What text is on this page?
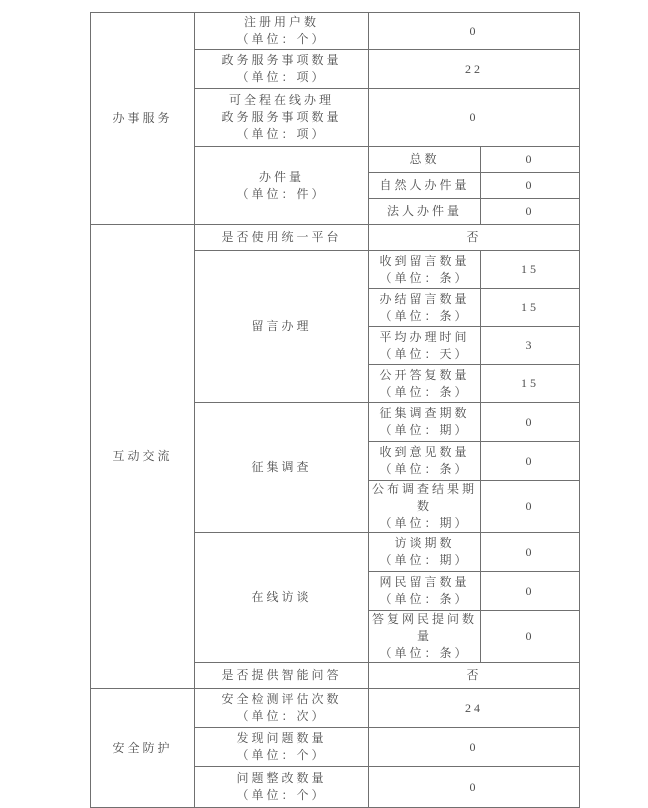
办事服务	注册用户数
（单位：个）	0	

	政务服务事项数量
（单位：项）	22	

	可全程在线办理
政务服务事项数量
（单位：项）	0	

	办件量
（单位：件）	总数	0
		自然人办件量	0
		法人办件量	0

互动交流	是否使用统一平台	否	

	留言办理	收到留言数量
（单位：条）	15

		办结留言数量
（单位：条）	15

		平均办理时间
（单位：天）	3

		公开答复数量
（单位：条）	15

	征集调查	征集调查期数
（单位：期）	0

		收到意见数量
（单位：条）	0

		公布调查结果期数
（单位：期）	0

	在线访谈	访谈期数
（单位：期）	0

		网民留言数量
（单位：条）	0

		答复网民提问数量
（单位：条）	0

	是否提供智能问答	否	

安全防护	安全检测评估次数
（单位：次）	24	

	发现问题数量
（单位：个）	0	

	问题整改数量
（单位：个）	0	
